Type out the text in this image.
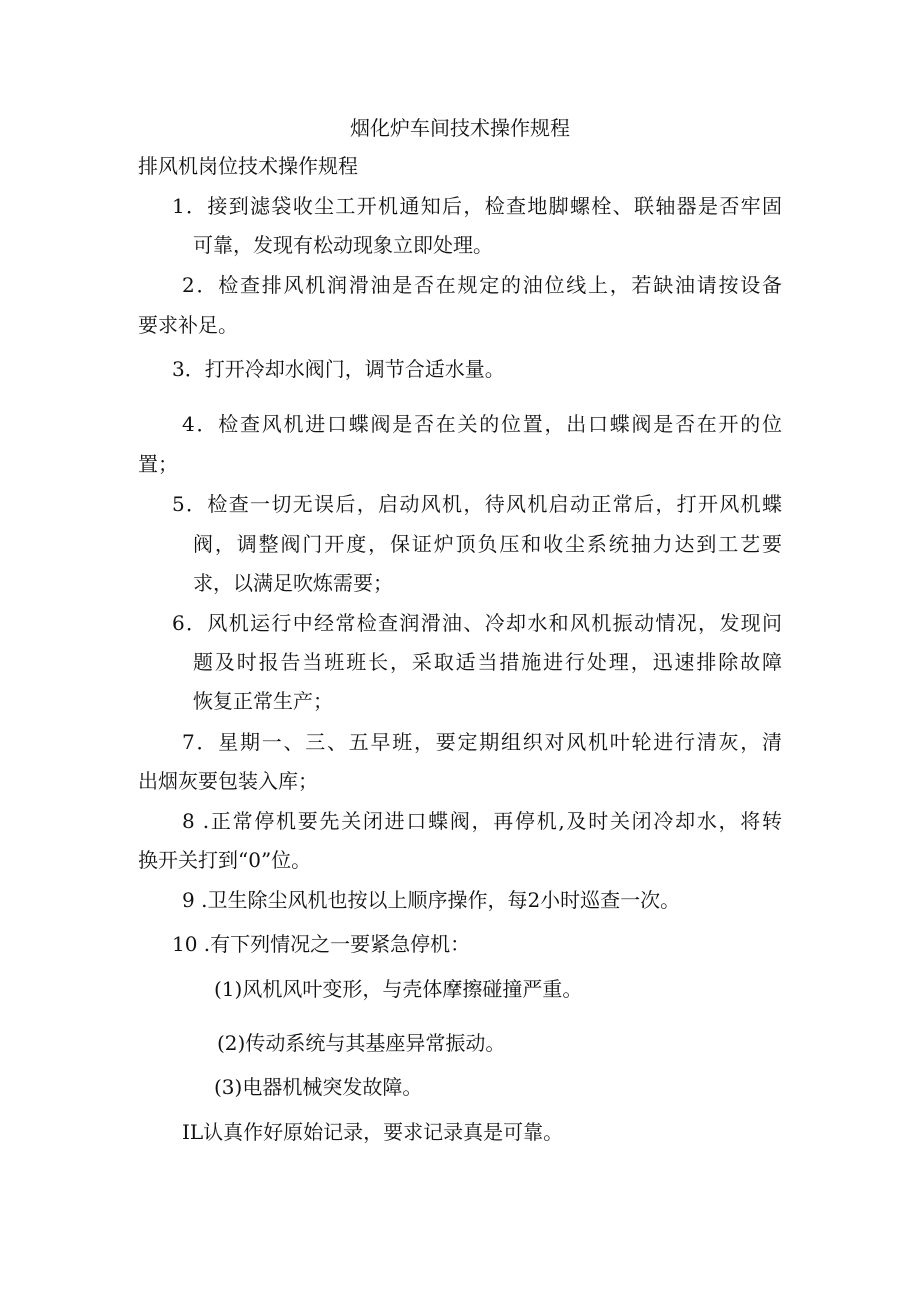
烟化炉车间技术操作规程

排风机岗位技术操作规程

1．接到滤袋收尘工开机通知后，检查地脚螺栓、联轴器是否牢固

可靠，发现有松动现象立即处理。

2．检查排风机润滑油是否在规定的油位线上，若缺油请按设备

要求补足。

3．打开冷却水阀门，调节合适水量。

4．检查风机进口蝶阀是否在关的位置，出口蝶阀是否在开的位

置；

5．检查一切无误后，启动风机，待风机启动正常后，打开风机蝶

阀，调整阀门开度，保证炉顶负压和收尘系统抽力达到工艺要

求，以满足吹炼需要；

6．风机运行中经常检查润滑油、冷却水和风机振动情况，发现问

题及时报告当班班长，采取适当措施进行处理，迅速排除故障

恢复正常生产；

7．星期一、三、五早班，要定期组织对风机叶轮进行清灰，清

出烟灰要包装入库；

8 .正常停机要先关闭进口蝶阀，再停机,及时关闭冷却水，将转

换开关打到“0”位。

9 .卫生除尘风机也按以上顺序操作，每2小时巡查一次。

10 .有下列情况之一要紧急停机：

(1)风机风叶变形，与壳体摩擦碰撞严重。

(2)传动系统与其基座异常振动。

(3)电器机械突发故障。

IL认真作好原始记录，要求记录真是可靠。
